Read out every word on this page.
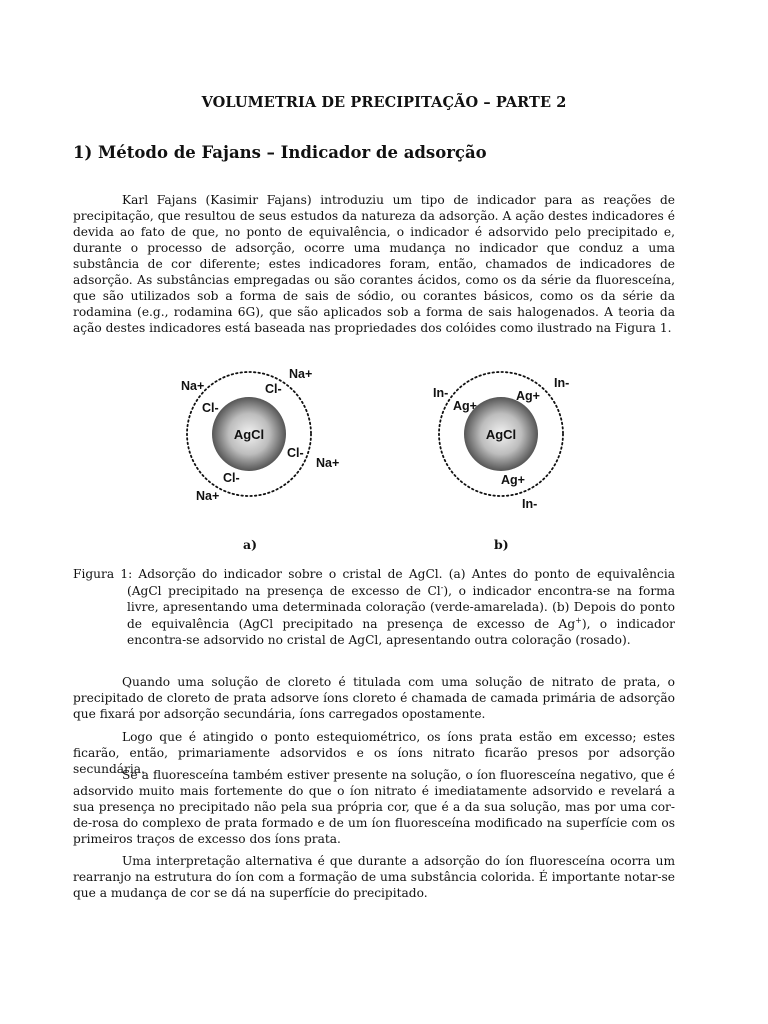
VOLUMETRIA DE PRECIPITAÇÃO – PARTE 2
1) Método de Fajans – Indicador de adsorção

Karl Fajans (Kasimir Fajans) introduziu um tipo de indicador para as reações de precipitação, que resultou de seus estudos da natureza da adsorção. A ação destes indicadores é devida ao fato de que, no ponto de equivalência, o indicador é adsorvido pelo precipitado e, durante o processo de adsorção, ocorre uma mudança no indicador que conduz a uma substância de cor diferente; estes indicadores foram, então, chamados de indicadores de adsorção. As substâncias empregadas ou são corantes ácidos, como os da série da fluoresceína, que são utilizados sob a forma de sais de sódio, ou corantes básicos, como os da série da rodamina (e.g., rodamina 6G), que são aplicados sob a forma de sais halogenados. A teoria da ação destes indicadores está baseada nas propriedades dos colóides como ilustrado na Figura 1.

AgCl
Na+
Na+
Na+
Na+
Cl-
Cl-
Cl-
Cl-
AgCl
Ag+
Ag+
Ag+
In-
In-
In-
a)	b)

Figura 1: Adsorção do indicador sobre o cristal de AgCl. (a) Antes do ponto de equivalência (AgCl precipitado na presença de excesso de Cl-), o indicador encontra-se na forma livre, apresentando uma determinada coloração (verde-amarelada). (b) Depois do ponto de equivalência (AgCl precipitado na presença de excesso de Ag+), o indicador encontra-se adsorvido no cristal de AgCl, apresentando outra coloração (rosado).

Quando uma solução de cloreto é titulada com uma solução de nitrato de prata, o precipitado de cloreto de prata adsorve íons cloreto é chamada de camada primária de adsorção que fixará por adsorção secundária, íons carregados opostamente.

Logo que é atingido o ponto estequiométrico, os íons prata estão em excesso; estes ficarão, então, primariamente adsorvidos e os íons nitrato ficarão presos por adsorção secundária.

Se a fluoresceína também estiver presente na solução, o íon fluoresceína negativo, que é adsorvido muito mais fortemente do que o íon nitrato é imediatamente adsorvido e revelará a sua presença no precipitado não pela sua própria cor, que é a da sua solução, mas por uma cor-de-rosa do complexo de prata formado e de um íon fluoresceína modificado na superfície com os primeiros traços de excesso dos íons prata.

Uma interpretação alternativa é que durante a adsorção do íon fluoresceína ocorra um rearranjo na estrutura do íon com a formação de uma substância colorida. É importante notar-se que a mudança de cor se dá na superfície do precipitado.
